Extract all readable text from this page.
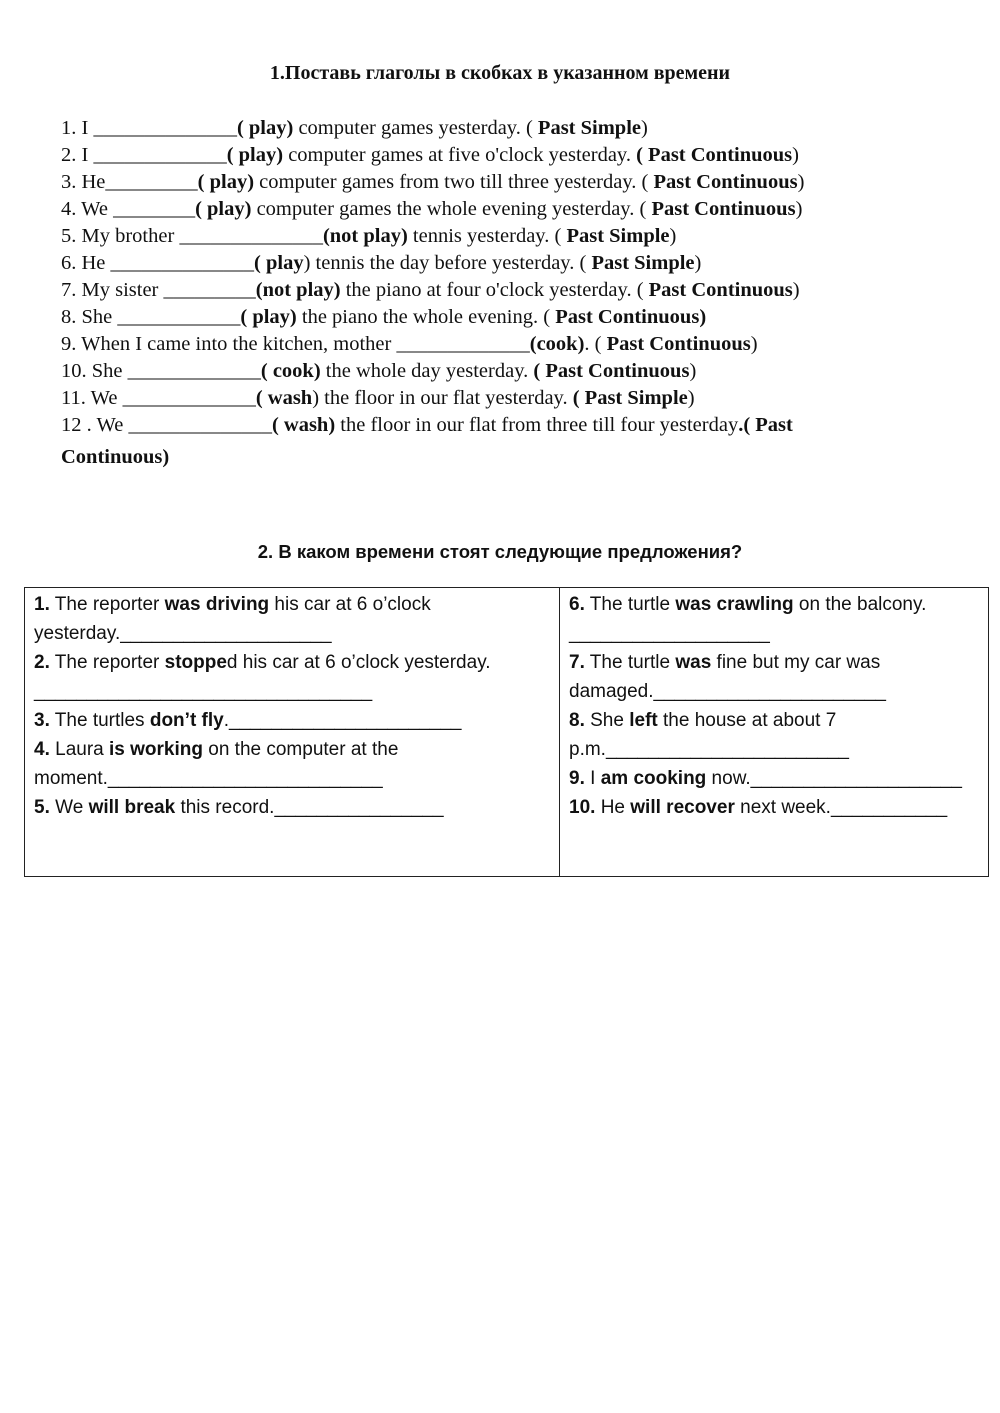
1.Поставь глаголы в скобках в указанном времени
1. I ______________( play) computer games yesterday. ( Past Simple)
2. I _____________( play) computer games at five o'clock yesterday. ( Past Continuous)
3. He_________( play) computer games from two till three yesterday. ( Past Continuous)
4. We ________( play) computer games the whole evening yesterday. ( Past Continuous)
5. My brother ______________(not play) tennis yesterday. ( Past Simple)
6. He ______________( play) tennis the day before yesterday. ( Past Simple)
7. My sister _________(not play) the piano at four o'clock yesterday. ( Past Continuous)
8. She ____________( play) the piano the whole evening. ( Past Continuous)
9. When I came into the kitchen, mother _____________(cook). ( Past Continuous)
10. She _____________( cook) the whole day yesterday. ( Past Continuous)
11. We _____________( wash) the floor in our flat yesterday. ( Past Simple)
12 . We ______________( wash) the floor in our flat from three till four yesterday.( Past
Continuous)
2. В каком времени стоят следующие предложения?
1. The reporter was driving his car at 6 o’clock yesterday.____________________
2. The reporter stopped his car at 6 o’clock yesterday. ________________________________
3. The turtles don’t fly.______________________
4. Laura is working on the computer at the moment.__________________________
5. We will break this record.________________

6. The turtle was crawling on the balcony. ___________________
7. The turtle was fine but my car was damaged.______________________
8. She left the house at about 7 p.m._______________________
9. I am cooking now.____________________
10. He will recover next week.___________
